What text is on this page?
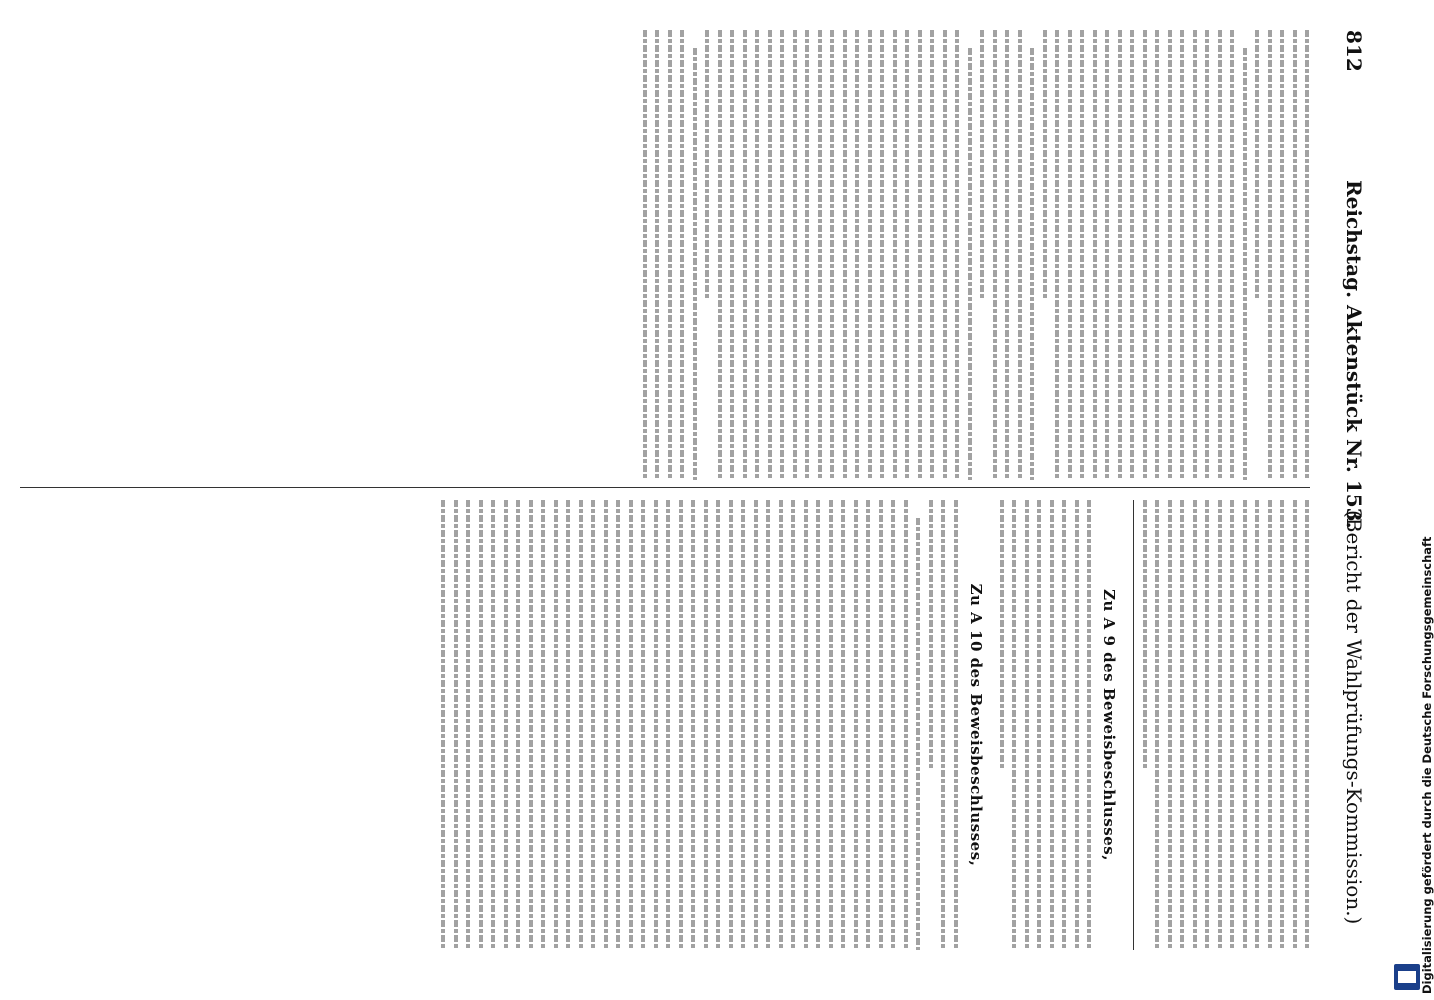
812
Reichstag. Aktenstück Nr. 153.
(Bericht der Wahlprüfungs-Kommission.)
Zu A 9 des Beweisbeschlusses,
Zu A 10 des Beweisbeschlusses,	Digitalisierung gefördert durch die Deutsche Forschungsgemeinschaft
